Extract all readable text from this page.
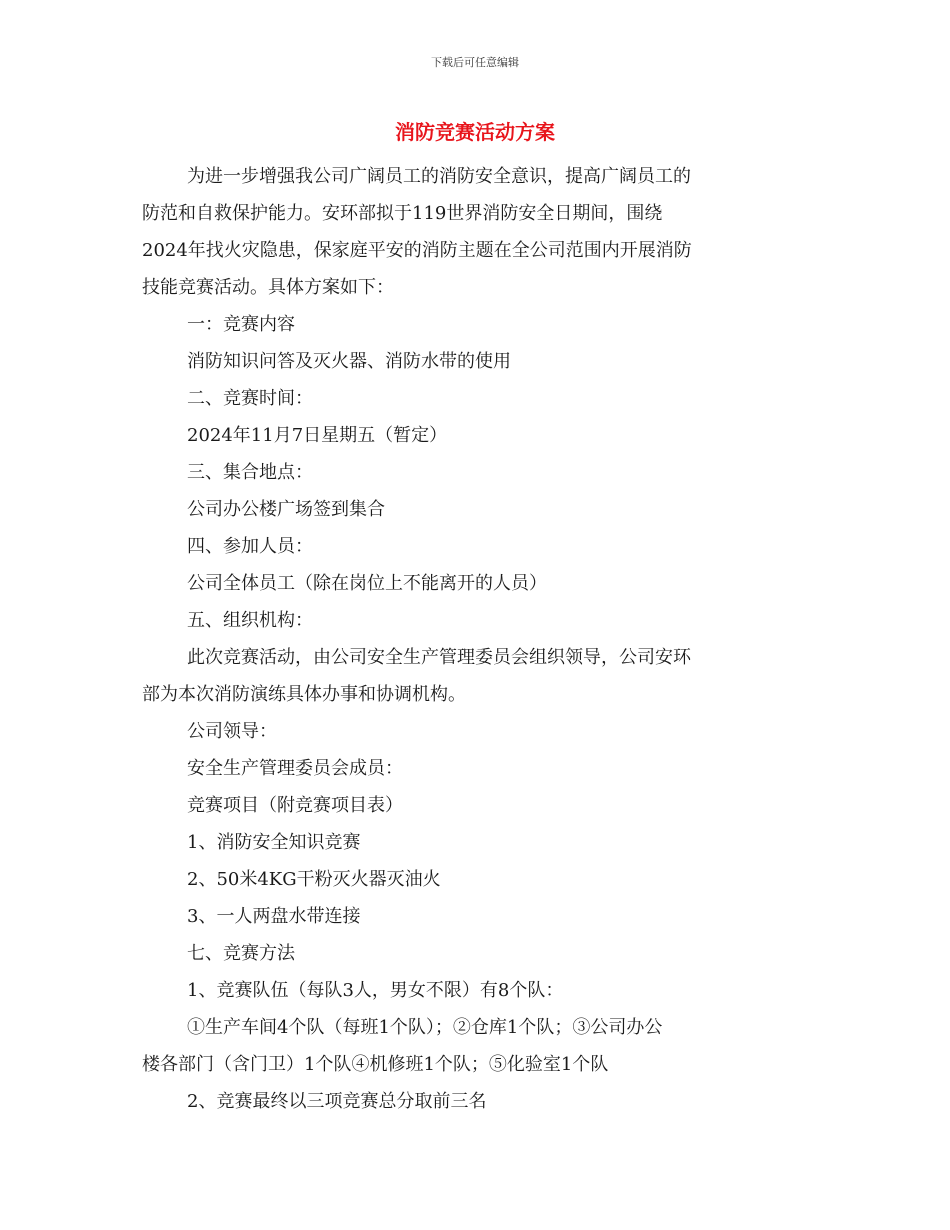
下载后可任意编辑
消防竞赛活动方案

为进一步增强我公司广阔员工的消防安全意识，提高广阔员工的

防范和自救保护能力。安环部拟于119世界消防安全日期间，围绕

2024年找火灾隐患，保家庭平安的消防主题在全公司范围内开展消防

技能竞赛活动。具体方案如下：

一：竞赛内容

消防知识问答及灭火器、消防水带的使用

二、竞赛时间：

2024年11月7日星期五（暂定）

三、集合地点：

公司办公楼广场签到集合

四、参加人员：

公司全体员工（除在岗位上不能离开的人员）

五、组织机构：

此次竞赛活动，由公司安全生产管理委员会组织领导，公司安环

部为本次消防演练具体办事和协调机构。

公司领导：

安全生产管理委员会成员：

竞赛项目（附竞赛项目表）

1、消防安全知识竞赛

2、50米4KG干粉灭火器灭油火

3、一人两盘水带连接

七、竞赛方法

1、竞赛队伍（每队3人，男女不限）有8个队：

①生产车间4个队（每班1个队）；②仓库1个队；③公司办公

楼各部门（含门卫）1个队④机修班1个队；⑤化验室1个队

2、竞赛最终以三项竞赛总分取前三名
